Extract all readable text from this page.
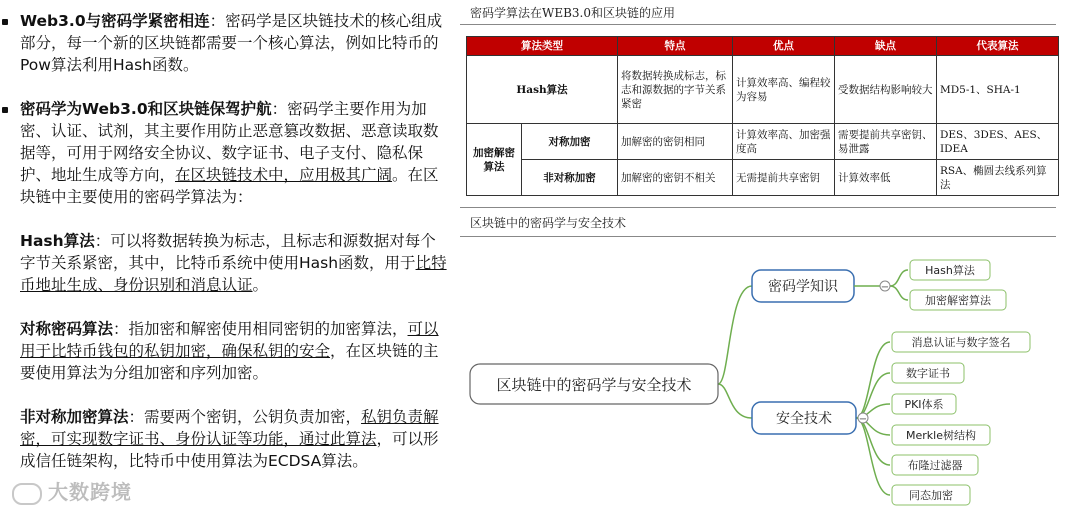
Web3.0与密码学紧密相连：密码学是区块链技术的核心组成部分，每一个新的区块链都需要一个核心算法，例如比特币的Pow算法利用Hash函数。

密码学为Web3.0和区块链保驾护航：密码学主要作用为加密、认证、试剂，其主要作用防止恶意篡改数据、恶意读取数据等，可用于网络安全协议、数字证书、电子支付、隐私保护、地址生成等方向，在区块链技术中，应用极其广阔。在区块链中主要使用的密码学算法为：

Hash算法：可以将数据转换为标志，且标志和源数据对每个字节关系紧密，其中，比特币系统中使用Hash函数，用于比特币地址生成、身份识别和消息认证。

对称密码算法：指加密和解密使用相同密钥的加密算法，可以用于比特币钱包的私钥加密，确保私钥的安全，在区块链的主要使用算法为分组加密和序列加密。

非对称加密算法：需要两个密钥，公钥负责加密，私钥负责解密，可实现数字证书、身份认证等功能，通过此算法，可以形成信任链架构，比特币中使用算法为ECDSA算法。

大数跨境
密码学算法在WEB3.0和区块链的应用
算法类型		特点	优点	缺点	代表算法
Hash算法		将数据转换成标志，标志和源数据的字节关系紧密	计算效率高、编程较为容易	受数据结构影响较大	MD5-1、SHA-1
加密解密算法	对称加密	加解密的密钥相同	计算效率高、加密强度高	需要提前共享密钥、易泄露	DES、3DES、AES、IDEA
	非对称加密	加解密的密钥不相关	无需提前共享密钥	计算效率低	RSA、椭圆去线系列算法
区块链中的密码学与安全技术
区块链中的密码学与安全技术
密码学知识	−
Hash算法
加密解密算法
安全技术	−
消息认证与数字签名
数字证书
PKI体系
Merkle树结构
布隆过滤器
同态加密
